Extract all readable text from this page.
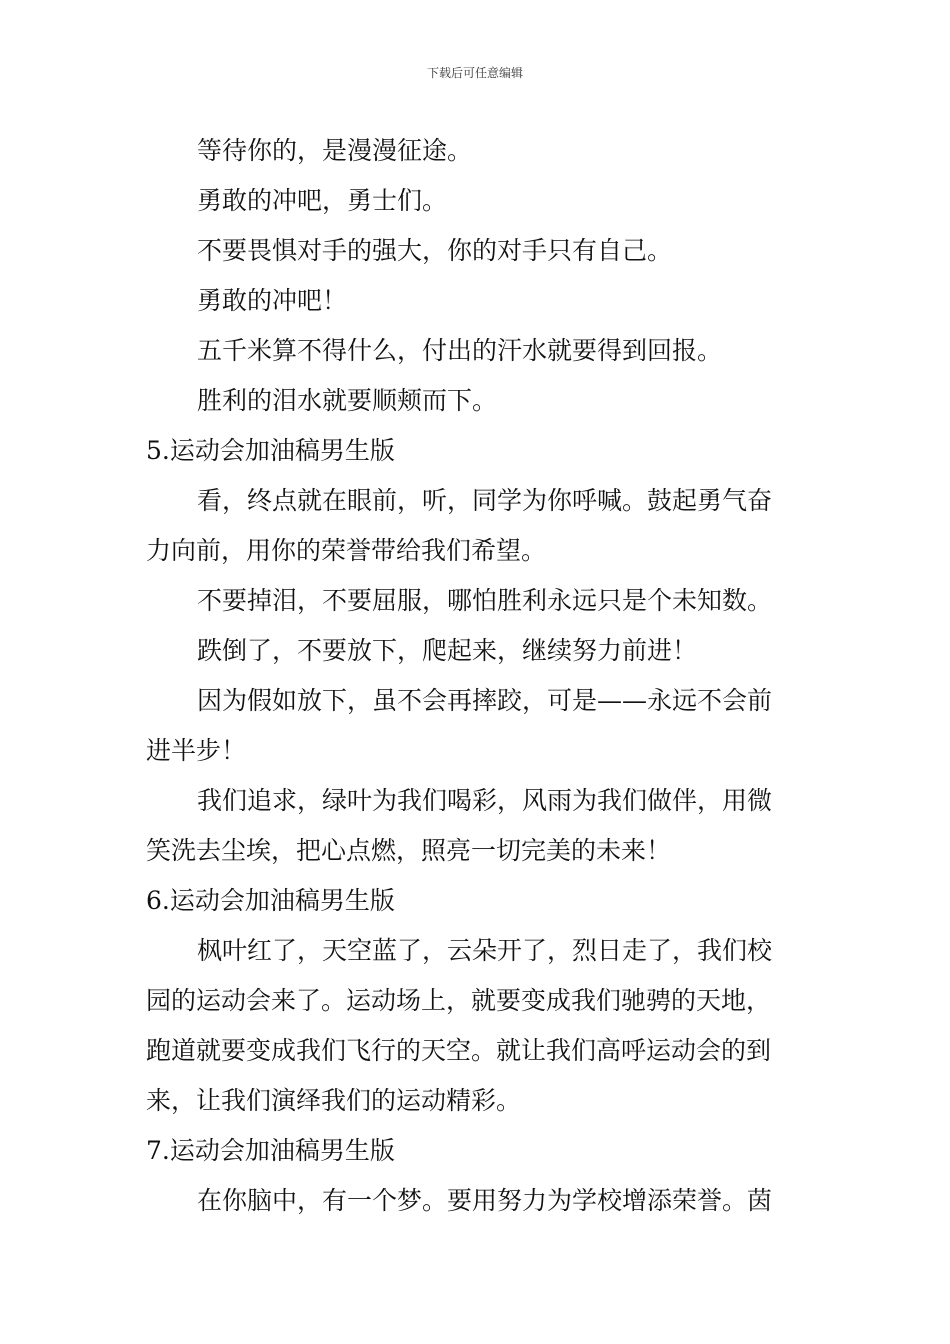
下载后可任意编辑
等待你的，是漫漫征途。
勇敢的冲吧，勇士们。
不要畏惧对手的强大，你的对手只有自己。
勇敢的冲吧！
五千米算不得什么，付出的汗水就要得到回报。
胜利的泪水就要顺颊而下。
5.运动会加油稿男生版
看，终点就在眼前，听，同学为你呼喊。鼓起勇气奋
力向前，用你的荣誉带给我们希望。
不要掉泪，不要屈服，哪怕胜利永远只是个未知数。
跌倒了，不要放下，爬起来，继续努力前进！
因为假如放下，虽不会再摔跤，可是——永远不会前
进半步！
我们追求，绿叶为我们喝彩，风雨为我们做伴，用微
笑洗去尘埃，把心点燃，照亮一切完美的未来！
6.运动会加油稿男生版
枫叶红了，天空蓝了，云朵开了，烈日走了，我们校
园的运动会来了。运动场上，就要变成我们驰骋的天地，
跑道就要变成我们飞行的天空。就让我们高呼运动会的到
来，让我们演绎我们的运动精彩。
7.运动会加油稿男生版
在你脑中，有一个梦。要用努力为学校增添荣誉。茵
